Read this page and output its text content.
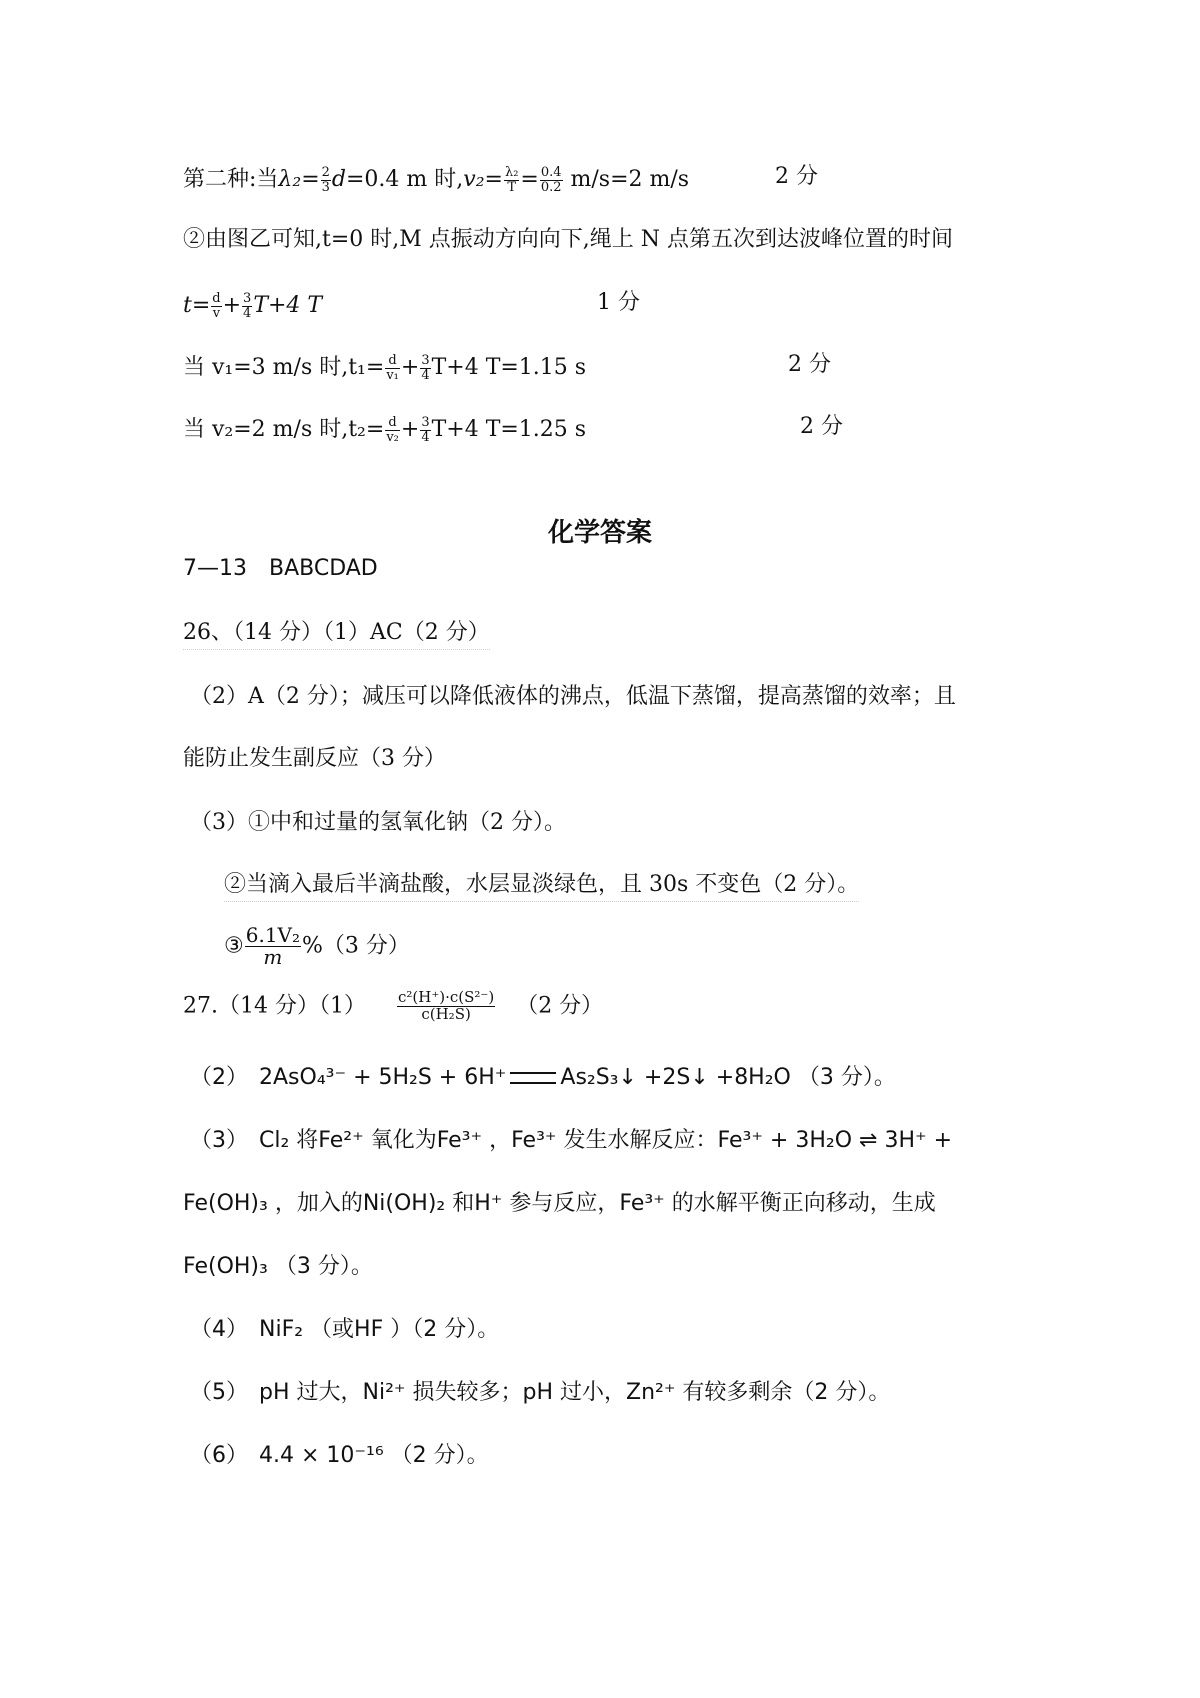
第二种:当$\lambda_2= \frac{2}{3} d=0.4$ m 时$,v_2= \frac{\text{λ₂}}{T} = \frac{0.4}{0.2} m/s=2$ m/s	2 分
②由图乙可知,t=0 时,M 点振动方向向下,绳上 N 点第五次到达波峰位置的时间
$t= \frac{d}{v} + \frac{3}{4} T+4$ T	1 分
当 v₁=3 m/s 时$,t_1= \frac{d}{\text{v₁}} + \frac{3}{4} T+4$ T=1.15 s	2 分
当 v₂=2 m/s 时$,t_2= \frac{d}{\text{v₂}} + \frac{3}{4} T+4$ T=1.25 s	2 分
化学答案
7—13　BABCDAD
26、（14 分）（1）AC（2 分）
（2）A（2 分）；减压可以降低液体的沸点，低温下蒸馏，提高蒸馏的效率；且
能防止发生副反应（3 分）
（3）①中和过量的氢氧化钠（2 分）。
②当滴入最后半滴盐酸，水层显淡绿色，且 30s 不变色（2 分）。
③ $\frac{\text{6.1V₂}}{m} \%(3$ 分）
27.（14 分）$(1) \frac{\text{c²(H⁺)·c(S²⁻)}}{\text{c(H₂S)}} (2$ 分）
（2）　2AsO₄³⁻ + 5H₂S + 6H⁺ As₂S₃↓ +2S↓ +8H₂O （3 分）。
（3）　Cl₂ 将Fe²⁺ 氧化为Fe³⁺ ，Fe³⁺ 发生水解反应：Fe³⁺ + 3H₂O ⇌ 3H⁺ +
Fe(OH)₃ ，加入的Ni(OH)₂ 和H⁺ 参与反应，Fe³⁺ 的水解平衡正向移动，生成
Fe(OH)₃ （3 分）。
（4）　NiF₂ （或HF ）（2 分）。
（5）　pH 过大，Ni²⁺ 损失较多；pH 过小，Zn²⁺ 有较多剩余（2 分）。
（6）　4.4 × 10⁻¹⁶ （2 分）。
